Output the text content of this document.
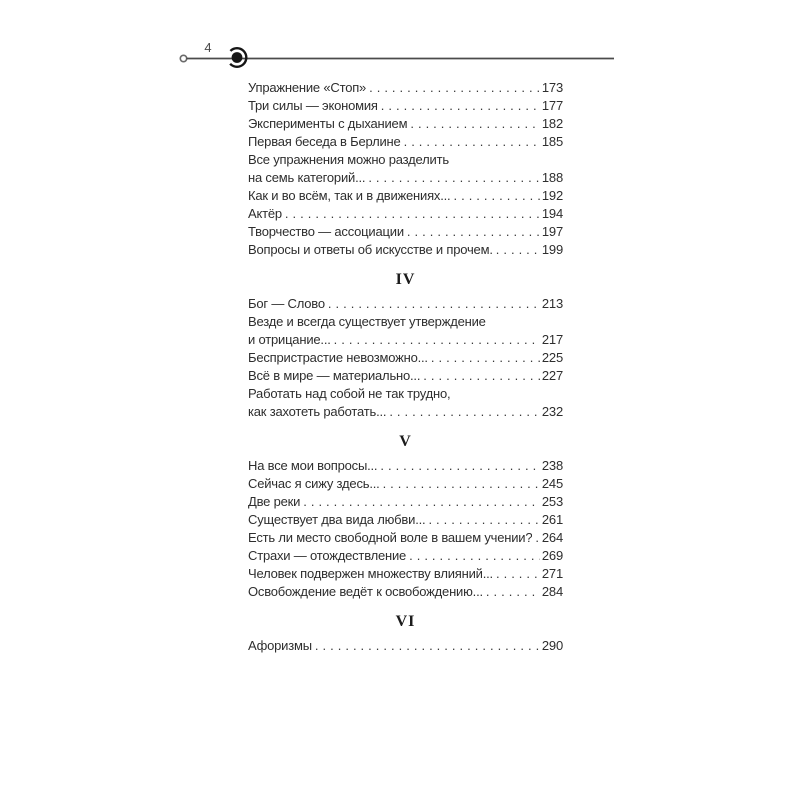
4
Упражнение «Стоп» .....	173
Три силы — экономия .....	177
Эксперименты с дыханием .....	182
Первая беседа в Берлине .....	185
Все упражнения можно разделить
на семь категорий... .....	188
Как и во всём, так и в движениях... .....	192
Актёр .....	194
Творчество — ассоциации .....	197
Вопросы и ответы об искусстве и прочем. .....	199
IV
Бог — Слово .....	213
Везде и всегда существует утверждение
и отрицание... .....	217
Беспристрастие невозможно... .....	225
Всё в мире — материально... .....	227
Работать над собой не так трудно,
как захотеть работать... .....	232
V
На все мои вопросы... .....	238
Сейчас я сижу здесь... .....	245
Две реки .....	253
Существует два вида любви... .....	261
Есть ли место свободной воле в вашем учении? ..... 264
Страхи — отождествление .....	269
Человек подвержен множеству влияний... .....	271
Освобождение ведёт к освобождению... .....	284
VI
Афоризмы .....	290
